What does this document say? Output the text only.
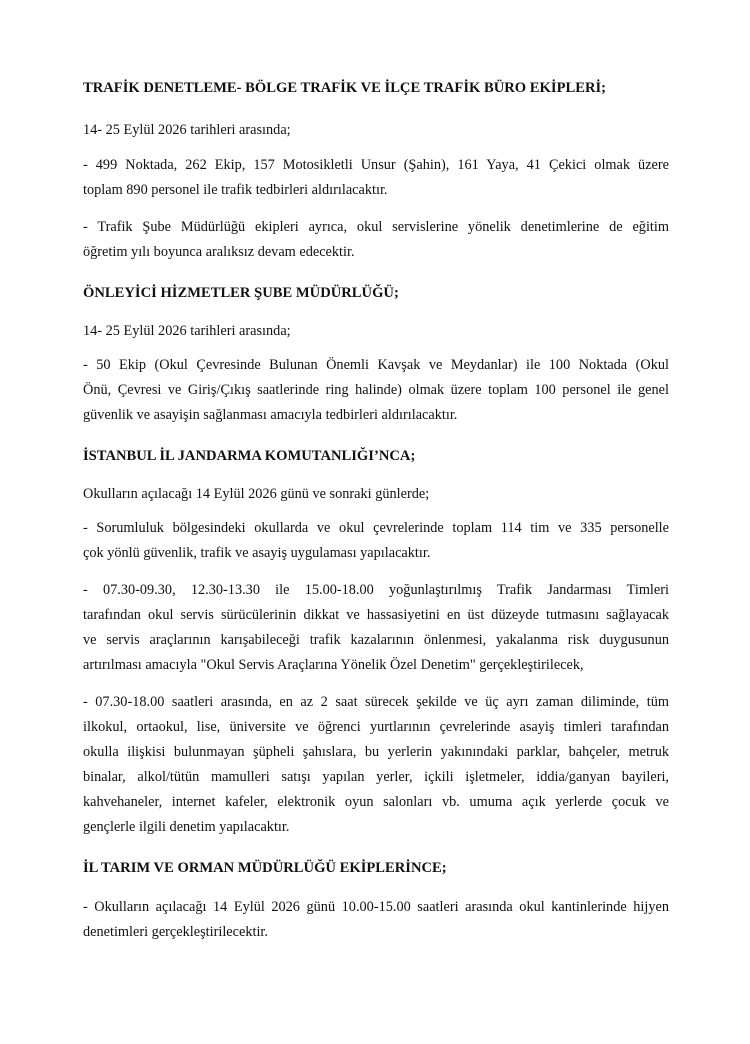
TRAFİK DENETLEME- BÖLGE TRAFİK VE İLÇE TRAFİK BÜRO EKİPLERİ;
14- 25 Eylül 2026 tarihleri arasında;
- 499 Noktada, 262 Ekip, 157 Motosikletli Unsur (Şahin), 161 Yaya, 41 Çekici olmak üzere
toplam 890 personel ile trafik tedbirleri aldırılacaktır.
- Trafik Şube Müdürlüğü ekipleri ayrıca, okul servislerine yönelik denetimlerine de eğitim
öğretim yılı boyunca aralıksız devam edecektir.
ÖNLEYİCİ HİZMETLER ŞUBE MÜDÜRLÜĞÜ;
14- 25 Eylül 2026 tarihleri arasında;
- 50 Ekip (Okul Çevresinde Bulunan Önemli Kavşak ve Meydanlar) ile 100 Noktada (Okul
Önü, Çevresi ve Giriş/Çıkış saatlerinde ring halinde) olmak üzere toplam 100 personel ile genel
güvenlik ve asayişin sağlanması amacıyla tedbirleri aldırılacaktır.
İSTANBUL İL JANDARMA KOMUTANLIĞI’NCA;
Okulların açılacağı 14 Eylül 2026 günü ve sonraki günlerde;
- Sorumluluk bölgesindeki okullarda ve okul çevrelerinde toplam 114 tim ve 335 personelle
çok yönlü güvenlik, trafik ve asayiş uygulaması yapılacaktır.
- 07.30-09.30, 12.30-13.30 ile 15.00-18.00 yoğunlaştırılmış Trafik Jandarması Timleri
tarafından okul servis sürücülerinin dikkat ve hassasiyetini en üst düzeyde tutmasını sağlayacak
ve servis araçlarının karışabileceği trafik kazalarının önlenmesi, yakalanma risk duygusunun
artırılması amacıyla "Okul Servis Araçlarına Yönelik Özel Denetim" gerçekleştirilecek,
- 07.30-18.00 saatleri arasında, en az 2 saat sürecek şekilde ve üç ayrı zaman diliminde, tüm
ilkokul, ortaokul, lise, üniversite ve öğrenci yurtlarının çevrelerinde asayiş timleri tarafından
okulla ilişkisi bulunmayan şüpheli şahıslara, bu yerlerin yakınındaki parklar, bahçeler, metruk
binalar, alkol/tütün mamulleri satışı yapılan yerler, içkili işletmeler, iddia/ganyan bayileri,
kahvehaneler, internet kafeler, elektronik oyun salonları vb. umuma açık yerlerde çocuk ve
gençlerle ilgili denetim yapılacaktır.
İL TARIM VE ORMAN MÜDÜRLÜĞÜ EKİPLERİNCE;
- Okulların açılacağı 14 Eylül 2026 günü 10.00-15.00 saatleri arasında okul kantinlerinde hijyen
denetimleri gerçekleştirilecektir.
